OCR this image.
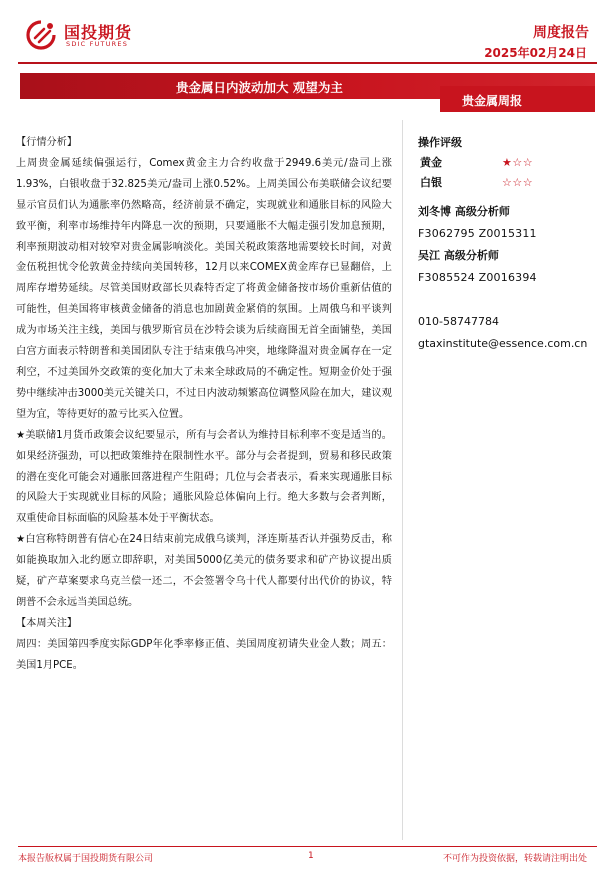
国投期货
SDIC FUTURES
周度报告
2025年02月24日
贵金属日内波动加大 观望为主
贵金属周报

【行情分析】

上周贵金属延续偏强运行，Comex黄金主力合约收盘于2949.6美元/盎司上涨1.93%，白银收盘于32.825美元/盎司上涨0.52%。上周美国公布美联储会议纪要显示官员们认为通胀率仍然略高，经济前景不确定，实现就业和通胀目标的风险大致平衡，利率市场维持年内降息一次的预期，只要通胀不大幅走强引发加息预期，利率预期波动相对较窄对贵金属影响淡化。美国关税政策落地需要较长时间，对黄金伍税担忧令伦敦黄金持续向美国转移，12月以来COMEX黄金库存已显翻倍，上周库存增势延续。尽管美国财政部长贝森特否定了将黄金储备按市场价重新估值的可能性，但美国将审核黄金储备的消息也加剧黄金紧俏的氛围。上周俄乌和平谈判成为市场关注主线，美国与俄罗斯官员在沙特会谈为后续商围无首全面铺垫，美国白宫方面表示特朗普和美国团队专注于结束俄乌冲突，地缘降温对贵金属存在一定利空，不过美国外交政策的变化加大了未来全球政局的不确定性。短期金价处于强势中继续冲击3000美元关键关口，不过日内波动频繁高位调整风险在加大，建议观望为宜，等待更好的盈亏比买入位置。

★美联储1月货币政策会议纪要显示，所有与会者认为维持目标利率不变是适当的。如果经济强劲，可以把政策维持在限制性水平。部分与会者提到，贸易和移民政策的潜在变化可能会对通胀回落进程产生阻碍；几位与会者表示，看来实现通胀目标的风险大于实现就业目标的风险；通胀风险总体偏向上行。绝大多数与会者判断，双重使命目标面临的风险基本处于平衡状态。

★白宫称特朗普有信心在24日结束前完成俄乌谈判，泽连斯基否认并强势反击，称如能换取加入北约愿立即辞职，对美国5000亿美元的债务要求和矿产协议提出质疑，矿产草案要求乌克兰偿一还二，不会签署令乌十代人都要付出代价的协议，特朗普不会永远当美国总统。

【本周关注】

周四：美国第四季度实际GDP年化季率修正值、美国周度初请失业金人数；周五：美国1月PCE。

操作评级
黄金	★☆☆
白银	☆☆☆
刘冬博 高级分析师
F3062795 Z0015311
吴江 高级分析师
F3085524 Z0016394
010-58747784
gtaxinstitute@essence.com.cn
本报告版权属于国投期货有限公司	1	不可作为投资依据，转载请注明出处
